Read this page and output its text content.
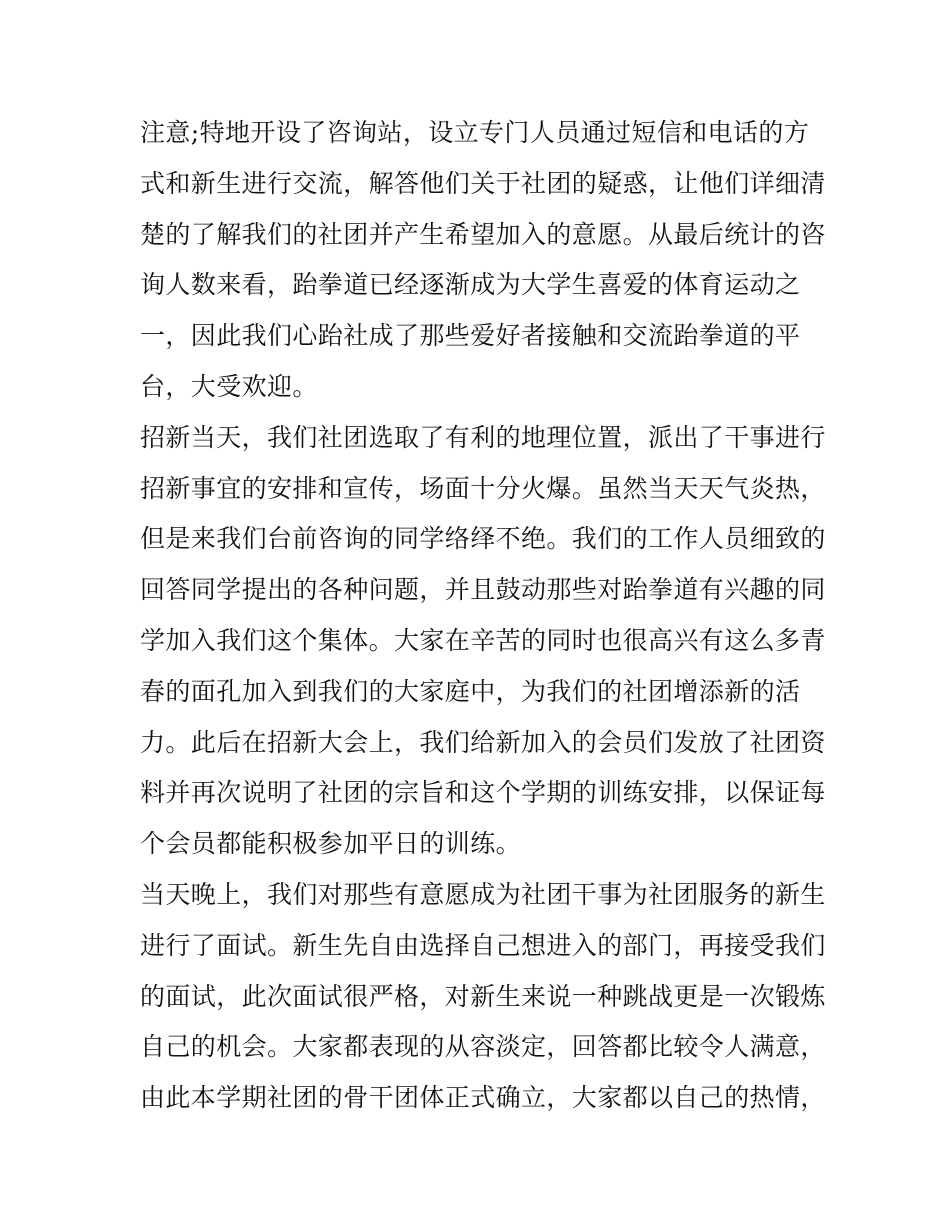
注意;特地开设了咨询站，设立专门人员通过短信和电话的方
式和新生进行交流，解答他们关于社团的疑惑，让他们详细清
楚的了解我们的社团并产生希望加入的意愿。从最后统计的咨
询人数来看，跆拳道已经逐渐成为大学生喜爱的体育运动之
一，因此我们心跆社成了那些爱好者接触和交流跆拳道的平
台，大受欢迎。
招新当天，我们社团选取了有利的地理位置，派出了干事进行
招新事宜的安排和宣传，场面十分火爆。虽然当天天气炎热，
但是来我们台前咨询的同学络绎不绝。我们的工作人员细致的
回答同学提出的各种问题，并且鼓动那些对跆拳道有兴趣的同
学加入我们这个集体。大家在辛苦的同时也很高兴有这么多青
春的面孔加入到我们的大家庭中，为我们的社团增添新的活
力。此后在招新大会上，我们给新加入的会员们发放了社团资
料并再次说明了社团的宗旨和这个学期的训练安排，以保证每
个会员都能积极参加平日的训练。
当天晚上，我们对那些有意愿成为社团干事为社团服务的新生
进行了面试。新生先自由选择自己想进入的部门，再接受我们
的面试，此次面试很严格，对新生来说一种跳战更是一次锻炼
自己的机会。大家都表现的从容淡定，回答都比较令人满意，
由此本学期社团的骨干团体正式确立，大家都以自己的热情，
